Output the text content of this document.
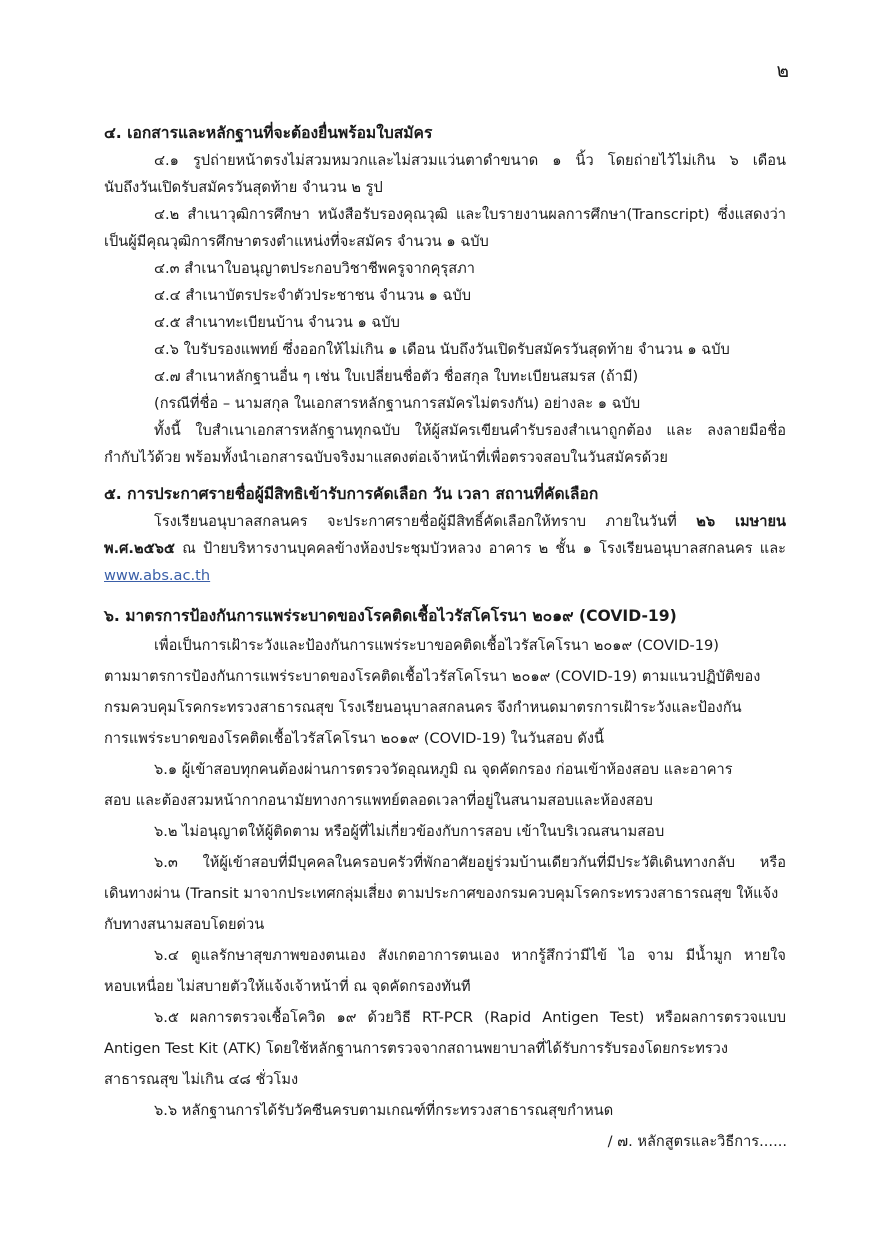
๒
๔. เอกสารและหลักฐานที่จะต้องยื่นพร้อมใบสมัคร
๔.๑ รูปถ่ายหน้าตรงไม่สวมหมวกและไม่สวมแว่นตาดำขนาด ๑ นิ้ว โดยถ่ายไว้ไม่เกิน ๖ เดือน
นับถึงวันเปิดรับสมัครวันสุดท้าย จำนวน ๒ รูป
๔.๒ สำเนาวุฒิการศึกษา หนังสือรับรองคุณวุฒิ และใบรายงานผลการศึกษา(Transcript) ซึ่งแสดงว่า
เป็นผู้มีคุณวุฒิการศึกษาตรงตำแหน่งที่จะสมัคร จำนวน ๑ ฉบับ
๔.๓ สำเนาใบอนุญาตประกอบวิชาชีพครูจากคุรุสภา
๔.๔ สำเนาบัตรประจำตัวประชาชน จำนวน ๑ ฉบับ
๔.๕ สำเนาทะเบียนบ้าน จำนวน ๑ ฉบับ
๔.๖ ใบรับรองแพทย์ ซึ่งออกให้ไม่เกิน ๑ เดือน นับถึงวันเปิดรับสมัครวันสุดท้าย จำนวน ๑ ฉบับ
๔.๗ สำเนาหลักฐานอื่น ๆ เช่น ใบเปลี่ยนชื่อตัว ชื่อสกุล ใบทะเบียนสมรส (ถ้ามี)
(กรณีที่ชื่อ – นามสกุล ในเอกสารหลักฐานการสมัครไม่ตรงกัน) อย่างละ ๑ ฉบับ
ทั้งนี้ ใบสำเนาเอกสารหลักฐานทุกฉบับ ให้ผู้สมัครเขียนคำรับรองสำเนาถูกต้อง และ ลงลายมือชื่อ
กำกับไว้ด้วย พร้อมทั้งนำเอกสารฉบับจริงมาแสดงต่อเจ้าหน้าที่เพื่อตรวจสอบในวันสมัครด้วย
๕. การประกาศรายชื่อผู้มีสิทธิเข้ารับการคัดเลือก วัน เวลา สถานที่คัดเลือก
โรงเรียนอนุบาลสกลนคร จะประกาศรายชื่อผู้มีสิทธิ์คัดเลือกให้ทราบ ภายในวันที่ ๒๖ เมษายน
พ.ศ.๒๕๖๕ ณ ป้ายบริหารงานบุคคลข้างห้องประชุมบัวหลวง อาคาร ๒ ชั้น ๑ โรงเรียนอนุบาลสกลนคร และ
www.abs.ac.th
๖. มาตรการป้องกันการแพร่ระบาดของโรคติดเชื้อไวรัสโคโรนา ๒๐๑๙ (COVID-19)
เพื่อเป็นการเฝ้าระวังและป้องกันการแพร่ระบาขอคติดเชื้อไวรัสโคโรนา ๒๐๑๙ (COVID-19)
ตามมาตรการป้องกันการแพร่ระบาดของโรคติดเชื้อไวรัสโคโรนา ๒๐๑๙ (COVID-19) ตามแนวปฏิบัติของ
กรมควบคุมโรคกระทรวงสาธารณสุข โรงเรียนอนุบาลสกลนคร จึงกำหนดมาตรการเฝ้าระวังและป้องกัน
การแพร่ระบาดของโรคติดเชื้อไวรัสโคโรนา ๒๐๑๙ (COVID-19) ในวันสอบ ดังนี้
๖.๑ ผู้เข้าสอบทุกคนต้องผ่านการตรวจวัดอุณหภูมิ ณ จุดคัดกรอง ก่อนเข้าห้องสอบ และอาคาร
สอบ และต้องสวมหน้ากากอนามัยทางการแพทย์ตลอดเวลาที่อยู่ในสนามสอบและห้องสอบ
๖.๒ ไม่อนุญาตให้ผู้ติดตาม หรือผู้ที่ไม่เกี่ยวข้องกับการสอบ เข้าในบริเวณสนามสอบ
๖.๓ ให้ผู้เข้าสอบที่มีบุคคลในครอบครัวที่พักอาศัยอยู่ร่วมบ้านเดียวกันที่มีประวัติเดินทางกลับ หรือ
เดินทางผ่าน (Transit มาจากประเทศกลุ่มเสี่ยง ตามประกาศของกรมควบคุมโรคกระทรวงสาธารณสุข ให้แจ้ง
กับทางสนามสอบโดยด่วน
๖.๔ ดูแลรักษาสุขภาพของตนเอง สังเกตอาการตนเอง หากรู้สึกว่ามีไข้ ไอ จาม มีน้ำมูก หายใจ
หอบเหนื่อย ไม่สบายตัวให้แจ้งเจ้าหน้าที่ ณ จุดคัดกรองทันที
๖.๕ ผลการตรวจเชื้อโควิด ๑๙ ด้วยวิธี RT-PCR (Rapid Antigen Test) หรือผลการตรวจแบบ
Antigen Test Kit (ATK) โดยใช้หลักฐานการตรวจจากสถานพยาบาลที่ได้รับการรับรองโดยกระทรวง
สาธารณสุข ไม่เกิน ๔๘ ชั่วโมง
๖.๖ หลักฐานการได้รับวัคซีนครบตามเกณฑ์ที่กระทรวงสาธารณสุขกำหนด
/ ๗. หลักสูตรและวิธีการ......
